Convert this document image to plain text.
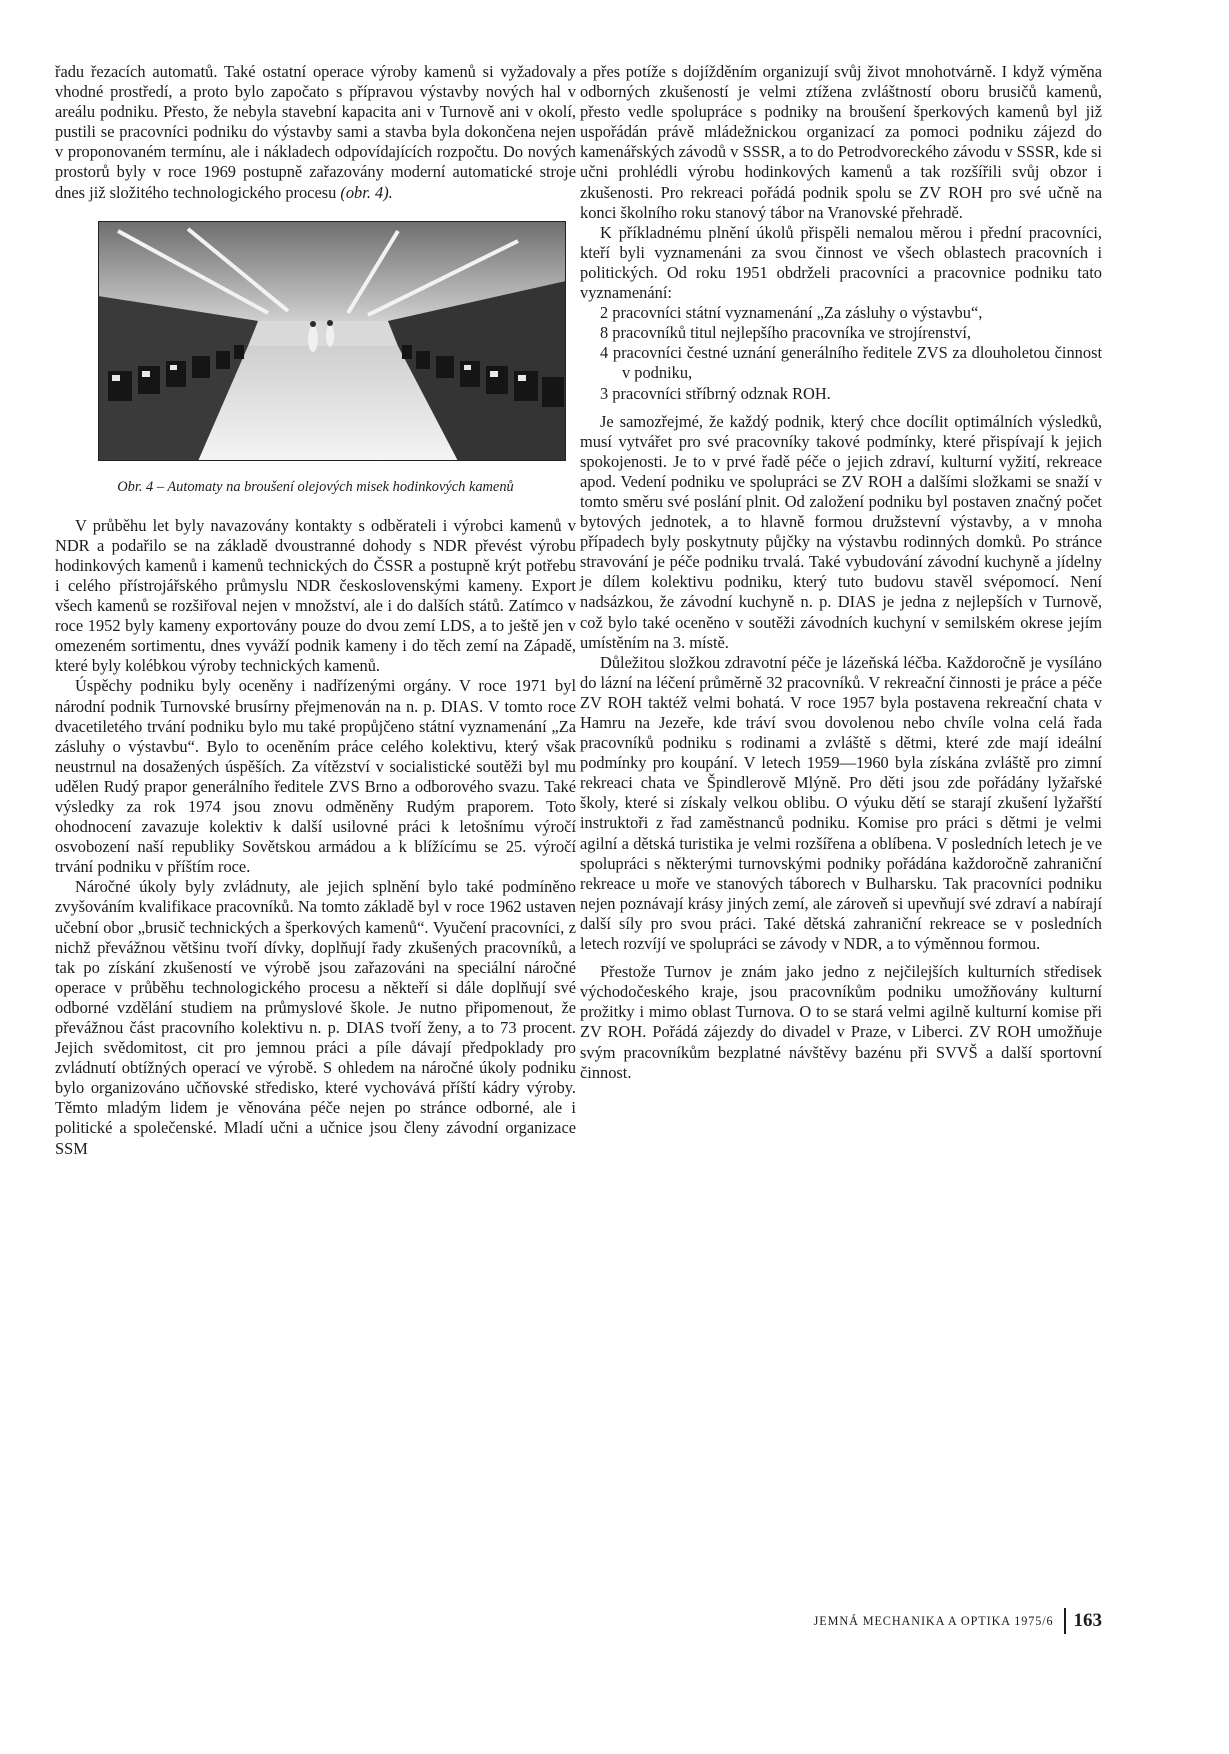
řadu řezacích automatů. Také ostatní operace výroby kamenů si vyžadovaly vhodné prostředí, a proto bylo započato s přípravou výstavby nových hal v areálu podniku. Přesto, že nebyla stavební kapacita ani v Turnově ani v okolí, pustili se pracovníci podniku do výstavby sami a stavba byla dokončena nejen v proponovaném termínu, ale i nákladech odpovídajících rozpočtu. Do nových prostorů byly v roce 1969 postupně zařazovány moderní automatické stroje dnes již složitého technologického procesu (obr. 4).

Obr. 4 – Automaty na broušení olejových misek hodinkových kamenů

V průběhu let byly navazovány kontakty s odběrateli i výrobci kamenů v NDR a podařilo se na základě dvoustranné dohody s NDR převést výrobu hodinkových kamenů i kamenů technických do ČSSR a postupně krýt potřebu i celého přístrojářského průmyslu NDR československými kameny. Export všech kamenů se rozšiřoval nejen v množství, ale i do dalších států. Zatímco v roce 1952 byly kameny exportovány pouze do dvou zemí LDS, a to ještě jen v omezeném sortimentu, dnes vyváží podnik kameny i do těch zemí na Západě, které byly kolébkou výroby technických kamenů.

Úspěchy podniku byly oceněny i nadřízenými orgány. V roce 1971 byl národní podnik Turnovské brusírny přejmenován na n. p. DIAS. V tomto roce dvacetiletého trvání podniku bylo mu také propůjčeno státní vyznamenání „Za zásluhy o výstavbu“. Bylo to oceněním práce celého kolektivu, který však neustrnul na dosažených úspěších. Za vítězství v socialistické soutěži byl mu udělen Rudý prapor generálního ředitele ZVS Brno a odborového svazu. Také výsledky za rok 1974 jsou znovu odměněny Rudým praporem. Toto ohodnocení zavazuje kolektiv k další usilovné práci k letošnímu výročí osvobození naší republiky Sovětskou armádou a k blížícímu se 25. výročí trvání podniku v příštím roce.

Náročné úkoly byly zvládnuty, ale jejich splnění bylo také podmíněno zvyšováním kvalifikace pracovníků. Na tomto základě byl v roce 1962 ustaven učební obor „brusič technických a šperkových kamenů“. Vyučení pracovníci, z nichž převážnou většinu tvoří dívky, doplňují řady zkušených pracovníků, a tak po získání zkušeností ve výrobě jsou zařazováni na speciální náročné operace v průběhu technologického procesu a někteří si dále doplňují své odborné vzdělání studiem na průmyslové škole. Je nutno připomenout, že převážnou část pracovního kolektivu n. p. DIAS tvoří ženy, a to 73 procent. Jejich svědomitost, cit pro jemnou práci a píle dávají předpoklady pro zvládnutí obtížných operací ve výrobě. S ohledem na náročné úkoly podniku bylo organizováno učňovské středisko, které vychovává příští kádry výroby. Těmto mladým lidem je věnována péče nejen po stránce odborné, ale i politické a společenské. Mladí učni a učnice jsou členy závodní organizace SSM

a přes potíže s dojížděním organizují svůj život mnohotvárně. I když výměna odborných zkušeností je velmi ztížena zvláštností oboru brusičů kamenů, přesto vedle spolupráce s podniky na broušení šperkových kamenů byl již uspořádán právě mládežnickou organizací za pomoci podniku zájezd do kamenářských závodů v SSSR, a to do Petrodvoreckého závodu v SSSR, kde si učni prohlédli výrobu hodinkových kamenů a tak rozšířili svůj obzor i zkušenosti. Pro rekreaci pořádá podnik spolu se ZV ROH pro své učně na konci školního roku stanový tábor na Vranovské přehradě.

K příkladnému plnění úkolů přispěli nemalou měrou i přední pracovníci, kteří byli vyznamenáni za svou činnost ve všech oblastech pracovních i politických. Od roku 1951 obdrželi pracovníci a pracovnice podniku tato vyznamenání:

2 pracovníci státní vyznamenání „Za zásluhy o výstavbu“,
8 pracovníků titul nejlepšího pracovníka ve strojírenství,
4 pracovníci čestné uznání generálního ředitele ZVS za dlouholetou činnost v podniku,
3 pracovníci stříbrný odznak ROH.

Je samozřejmé, že každý podnik, který chce docílit optimálních výsledků, musí vytvářet pro své pracovníky takové podmínky, které přispívají k jejich spokojenosti. Je to v prvé řadě péče o jejich zdraví, kulturní vyžití, rekreace apod. Vedení podniku ve spolupráci se ZV ROH a dalšími složkami se snaží v tomto směru své poslání plnit. Od založení podniku byl postaven značný počet bytových jednotek, a to hlavně formou družstevní výstavby, a v mnoha případech byly poskytnuty půjčky na výstavbu rodinných domků. Po stránce stravování je péče podniku trvalá. Také vybudování závodní kuchyně a jídelny je dílem kolektivu podniku, který tuto budovu stavěl svépomocí. Není nadsázkou, že závodní kuchyně n. p. DIAS je jedna z nejlepších v Turnově, což bylo také oceněno v soutěži závodních kuchyní v semilském okrese jejím umístěním na 3. místě.

Důležitou složkou zdravotní péče je lázeňská léčba. Každoročně je vysíláno do lázní na léčení průměrně 32 pracovníků. V rekreační činnosti je práce a péče ZV ROH taktéž velmi bohatá. V roce 1957 byla postavena rekreační chata v Hamru na Jezeře, kde tráví svou dovolenou nebo chvíle volna celá řada pracovníků podniku s rodinami a zvláště s dětmi, které zde mají ideální podmínky pro koupání. V letech 1959—1960 byla získána zvláště pro zimní rekreaci chata ve Špindlerově Mlýně. Pro děti jsou zde pořádány lyžařské školy, které si získaly velkou oblibu. O výuku dětí se starají zkušení lyžařští instruktoři z řad zaměstnanců podniku. Komise pro práci s dětmi je velmi agilní a dětská turistika je velmi rozšířena a oblíbena. V posledních letech je ve spolupráci s některými turnovskými podniky pořádána každoročně zahraniční rekreace u moře ve stanových táborech v Bulharsku. Tak pracovníci podniku nejen poznávají krásy jiných zemí, ale zároveň si upevňují své zdraví a nabírají další síly pro svou práci. Také dětská zahraniční rekreace se v posledních letech rozvíjí ve spolupráci se závody v NDR, a to výměnnou formou.

Přestože Turnov je znám jako jedno z nejčilejších kulturních středisek východočeského kraje, jsou pracovníkům podniku umožňovány kulturní prožitky i mimo oblast Turnova. O to se stará velmi agilně kulturní komise při ZV ROH. Pořádá zájezdy do divadel v Praze, v Liberci. ZV ROH umožňuje svým pracovníkům bezplatné návštěvy bazénu při SVVŠ a další sportovní činnost.

JEMNÁ MECHANIKA A OPTIKA 1975/6	163
